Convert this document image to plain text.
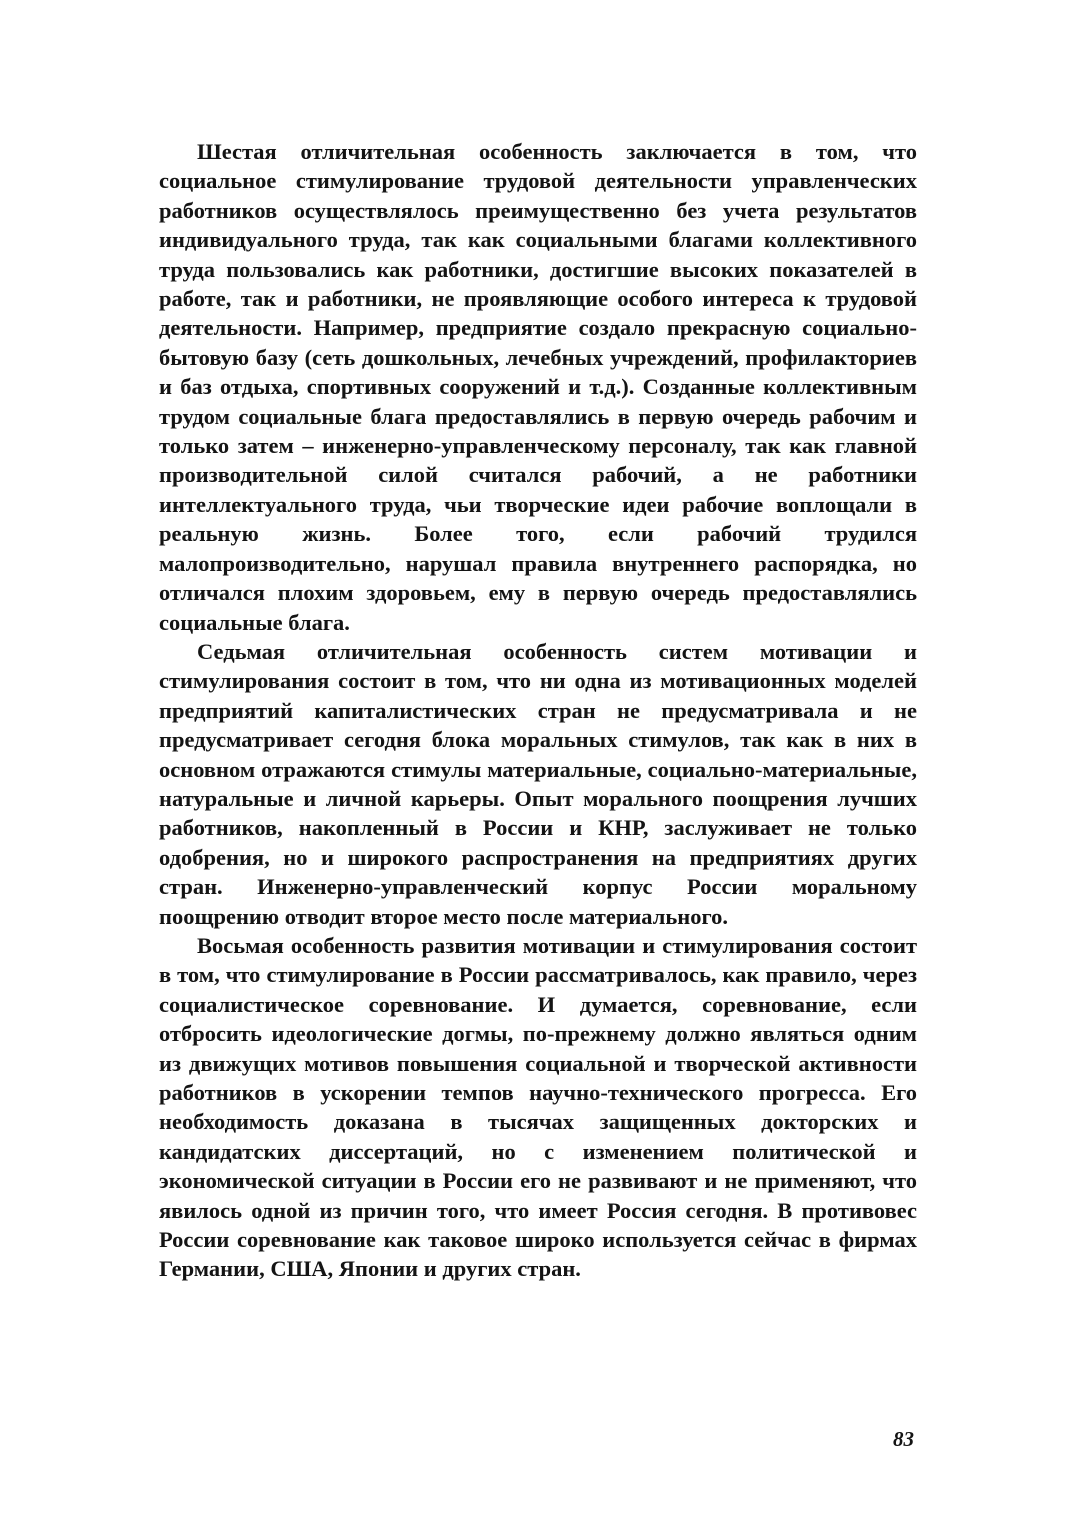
Шестая отличительная особенность заключается в том, что социальное стимулирование трудовой деятельности управленческих работников осуществлялось преимущественно без учета результатов индивидуального труда, так как социальными благами коллективного труда пользовались как работники, достигшие высоких показателей в работе, так и работники, не проявляющие особого интереса к трудовой деятельности. Например, предприятие создало прекрасную социально-бытовую базу (сеть дошкольных, лечебных учреждений, профилакториев и баз отдыха, спортивных сооружений и т.д.). Созданные коллективным трудом социальные блага предоставлялись в первую очередь рабочим и только затем – инженерно-управленческому персоналу, так как главной производительной силой считался рабочий, а не работники интеллектуального труда, чьи творческие идеи рабочие воплощали в реальную жизнь. Более того, если рабочий трудился малопроизводительно, нарушал правила внутреннего распорядка, но отличался плохим здоровьем, ему в первую очередь предоставлялись социальные блага.

Седьмая отличительная особенность систем мотивации и стимулирования состоит в том, что ни одна из мотивационных моделей предприятий капиталистических стран не предусматривала и не предусматривает сегодня блока моральных стимулов, так как в них в основном отражаются стимулы материальные, социально-материальные, натуральные и личной карьеры. Опыт морального поощрения лучших работников, накопленный в России и КНР, заслуживает не только одобрения, но и широкого распространения на предприятиях других стран. Инженерно-управленческий корпус России моральному поощрению отводит второе место после материального.

Восьмая особенность развития мотивации и стимулирования состоит в том, что стимулирование в России рассматривалось, как правило, через социалистическое соревнование. И думается, соревнование, если отбросить идеологические догмы, по-прежнему должно являться одним из движущих мотивов повышения социальной и творческой активности работников в ускорении темпов научно-технического прогресса. Его необходимость доказана в тысячах защищенных докторских и кандидатских диссертаций, но с изменением политической и экономической ситуации в России его не развивают и не применяют, что явилось одной из причин того, что имеет Россия сегодня. В противовес России соревнование как таковое широко используется сейчас в фирмах Германии, США, Японии и других стран.

83
